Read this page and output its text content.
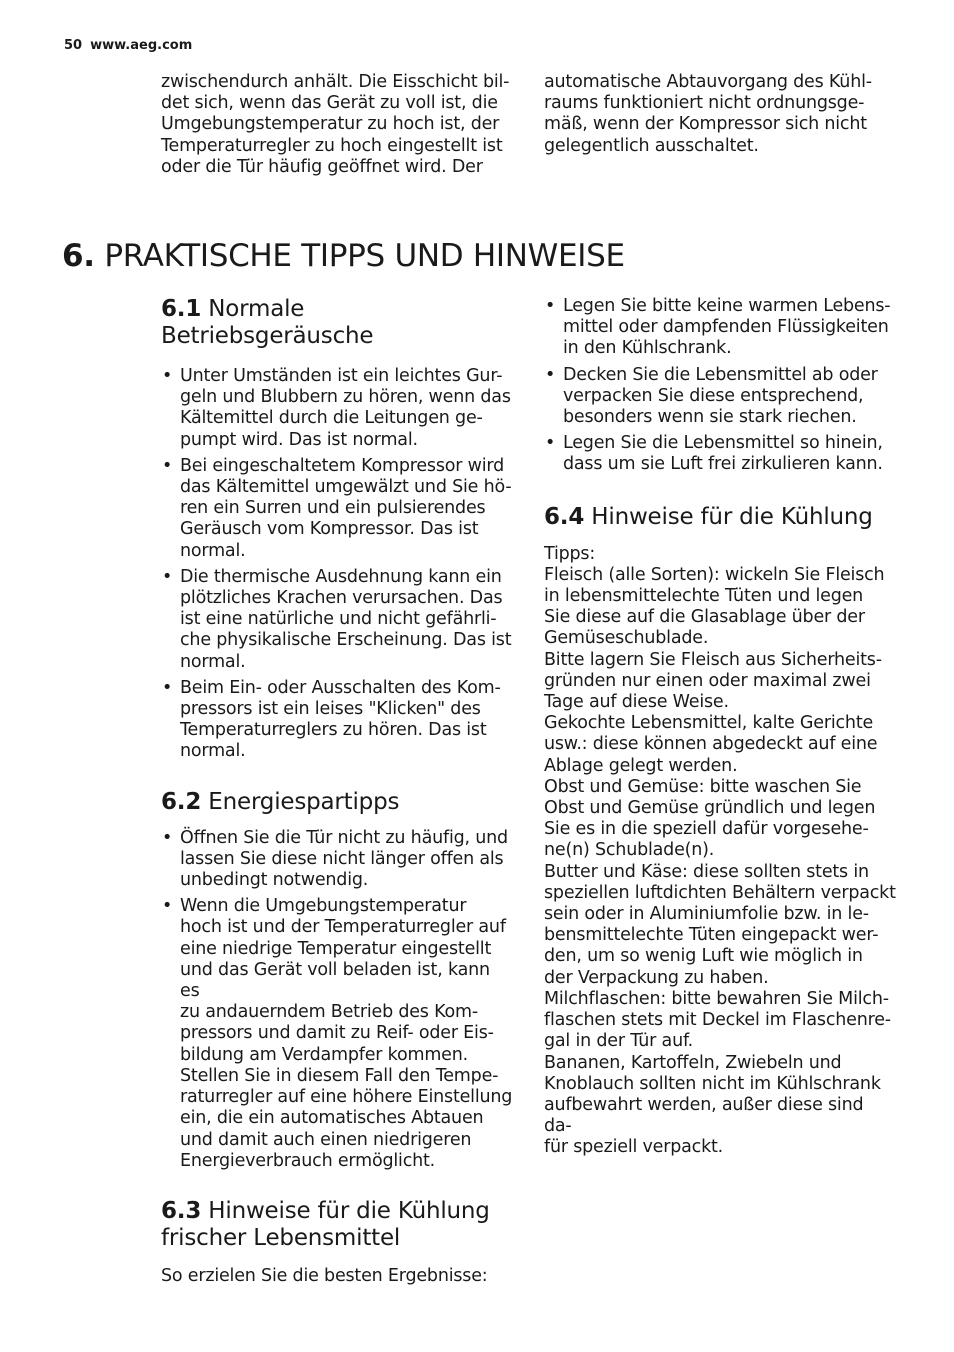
50 www.aeg.com
zwischendurch anhält. Die Eisschicht bil-
det sich, wenn das Gerät zu voll ist, die
Umgebungstemperatur zu hoch ist, der
Temperaturregler zu hoch eingestellt ist
oder die Tür häufig geöffnet wird. Der
automatische Abtauvorgang des Kühl-
raums funktioniert nicht ordnungsge-
mäß, wenn der Kompressor sich nicht
gelegentlich ausschaltet.
6. PRAKTISCHE TIPPS UND HINWEISE
6.1 Normale
Betriebsgeräusche
• Unter Umständen ist ein leichtes Gur-
geln und Blubbern zu hören, wenn das
Kältemittel durch die Leitungen ge-
pumpt wird. Das ist normal.
• Bei eingeschaltetem Kompressor wird
das Kältemittel umgewälzt und Sie hö-
ren ein Surren und ein pulsierendes
Geräusch vom Kompressor. Das ist
normal.
• Die thermische Ausdehnung kann ein
plötzliches Krachen verursachen. Das
ist eine natürliche und nicht gefährli-
che physikalische Erscheinung. Das ist
normal.
• Beim Ein- oder Ausschalten des Kom-
pressors ist ein leises "Klicken" des
Temperaturreglers zu hören. Das ist
normal.
6.2 Energiespartipps
• Öffnen Sie die Tür nicht zu häufig, und
lassen Sie diese nicht länger offen als
unbedingt notwendig.
• Wenn die Umgebungstemperatur
hoch ist und der Temperaturregler auf
eine niedrige Temperatur eingestellt
und das Gerät voll beladen ist, kann es
zu andauerndem Betrieb des Kom-
pressors und damit zu Reif- oder Eis-
bildung am Verdampfer kommen.
Stellen Sie in diesem Fall den Tempe-
raturregler auf eine höhere Einstellung
ein, die ein automatisches Abtauen
und damit auch einen niedrigeren
Energieverbrauch ermöglicht.
6.3 Hinweise für die Kühlung
frischer Lebensmittel

So erzielen Sie die besten Ergebnisse:

• Legen Sie bitte keine warmen Lebens-
mittel oder dampfenden Flüssigkeiten
in den Kühlschrank.
• Decken Sie die Lebensmittel ab oder
verpacken Sie diese entsprechend,
besonders wenn sie stark riechen.
• Legen Sie die Lebensmittel so hinein,
dass um sie Luft frei zirkulieren kann.
6.4 Hinweise für die Kühlung

Tipps:

Fleisch (alle Sorten): wickeln Sie Fleisch

in lebensmittelechte Tüten und legen

Sie diese auf die Glasablage über der

Gemüseschublade.

Bitte lagern Sie Fleisch aus Sicherheits-

gründen nur einen oder maximal zwei

Tage auf diese Weise.

Gekochte Lebensmittel, kalte Gerichte

usw.: diese können abgedeckt auf eine

Ablage gelegt werden.

Obst und Gemüse: bitte waschen Sie

Obst und Gemüse gründlich und legen

Sie es in die speziell dafür vorgesehe-

ne(n) Schublade(n).

Butter und Käse: diese sollten stets in

speziellen luftdichten Behältern verpackt

sein oder in Aluminiumfolie bzw. in le-

bensmittelechte Tüten eingepackt wer-

den, um so wenig Luft wie möglich in

der Verpackung zu haben.

Milchflaschen: bitte bewahren Sie Milch-

flaschen stets mit Deckel im Flaschenre-

gal in der Tür auf.

Bananen, Kartoffeln, Zwiebeln und

Knoblauch sollten nicht im Kühlschrank

aufbewahrt werden, außer diese sind da-

für speziell verpackt.
